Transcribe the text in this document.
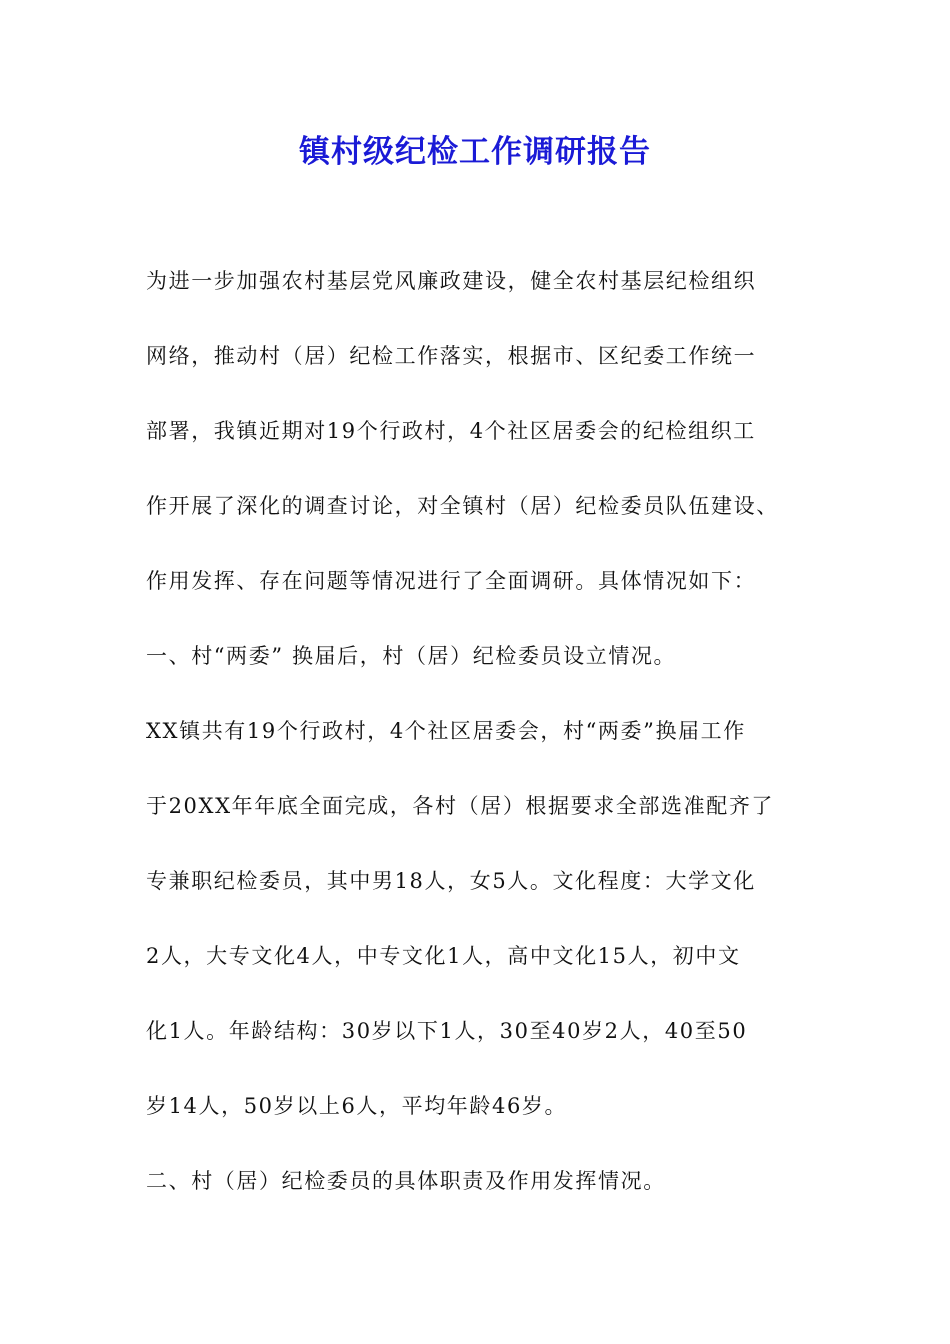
镇村级纪检工作调研报告

为进一步加强农村基层党风廉政建设，健全农村基层纪检组织

网络，推动村（居）纪检工作落实，根据市、区纪委工作统一

部署，我镇近期对19个行政村，4个社区居委会的纪检组织工

作开展了深化的调查讨论，对全镇村（居）纪检委员队伍建设、

作用发挥、存在问题等情况进行了全面调研。具体情况如下：

一、村“两委” 换届后，村（居）纪检委员设立情况。

XX镇共有19个行政村，4个社区居委会，村“两委”换届工作

于20XX年年底全面完成，各村（居）根据要求全部选准配齐了

专兼职纪检委员，其中男18人，女5人。文化程度：大学文化

2人，大专文化4人，中专文化1人，高中文化15人，初中文

化1人。年龄结构：30岁以下1人，30至40岁2人，40至50

岁14人，50岁以上6人，平均年龄46岁。

二、村（居）纪检委员的具体职责及作用发挥情况。
